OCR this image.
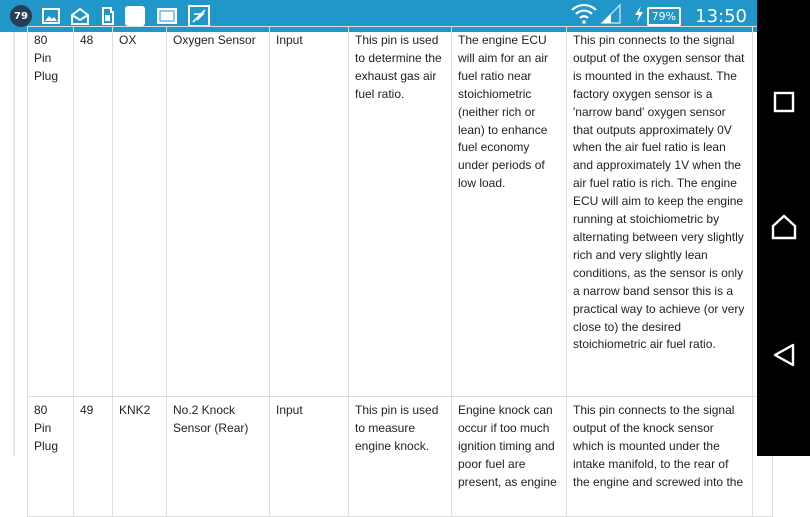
79	79% 13:50
80 Pin Plug	48	OX	Oxygen Sensor	Input	This pin is used to determine the exhaust gas air fuel ratio.	The engine ECU will aim for an air fuel ratio near stoichiometric (neither rich or lean) to enhance fuel economy under periods of low load.	This pin connects to the signal output of the oxygen sensor that is mounted in the exhaust. The factory oxygen sensor is a 'narrow band' oxygen sensor that outputs approximately 0V when the air fuel ratio is lean and approximately 1V when the air fuel ratio is rich. The engine ECU will aim to keep the engine running at stoichiometric by alternating between very slightly rich and very slightly lean conditions, as the sensor is only a narrow band sensor this is a practical way to achieve (or very close to) the desired stoichiometric air fuel ratio.	
80 Pin Plug	49	KNK2	No.2 Knock Sensor (Rear)	Input	This pin is used to measure engine knock.	Engine knock can occur if too much ignition timing and poor fuel are present, as engine	This pin connects to the signal output of the knock sensor which is mounted under the intake manifold, to the rear of the engine and screwed into the	
